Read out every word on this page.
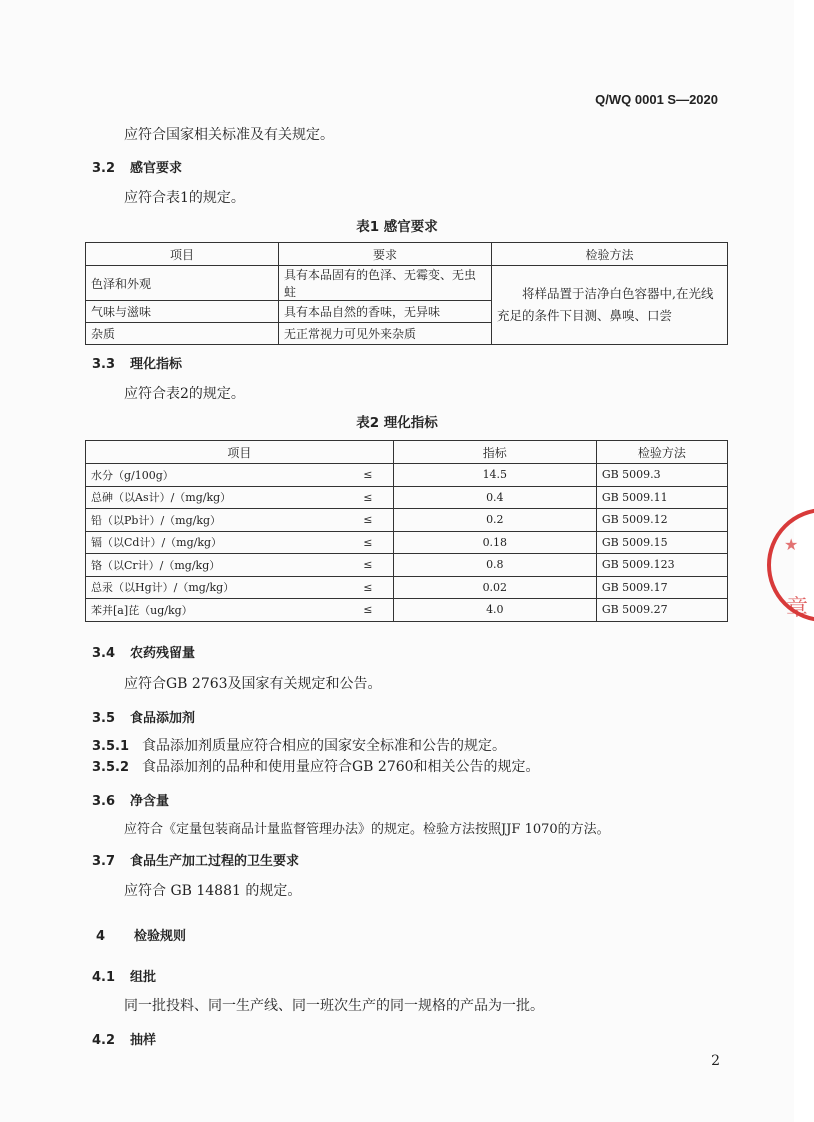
Q/WQ 0001 S—2020
应符合国家相关标准及有关规定。
3.2 感官要求
应符合表1的规定。
表1 感官要求
项目	要求	检验方法
色泽和外观	具有本品固有的色泽、无霉变、无虫蛀	将样品置于洁净白色容器中,在光线充足的条件下目测、鼻嗅、口尝
气味与滋味	具有本品自然的香味，无异味	
杂质	无正常视力可见外来杂质	
3.3 理化指标
应符合表2的规定。
表2 理化指标
项目		指标	检验方法
水分（g/100g）	≤	14.5	GB 5009.3
总砷（以As计）/（mg/kg）	≤	0.4	GB 5009.11
铅（以Pb计）/（mg/kg）	≤	0.2	GB 5009.12
镉（以Cd计）/（mg/kg）	≤	0.18	GB 5009.15
铬（以Cr计）/（mg/kg）	≤	0.8	GB 5009.123
总汞（以Hg计）/（mg/kg）	≤	0.02	GB 5009.17
苯并[a]芘（ug/kg）	≤	4.0	GB 5009.27
3.4 农药残留量
应符合GB 2763及国家有关规定和公告。
3.5 食品添加剂
3.5.1 食品添加剂质量应符合相应的国家安全标准和公告的规定。
3.5.2 食品添加剂的品种和使用量应符合GB 2760和相关公告的规定。
3.6 净含量
应符合《定量包装商品计量监督管理办法》的规定。检验方法按照JJF 1070的方法。
3.7 食品生产加工过程的卫生要求
应符合 GB 14881 的规定。
4 检验规则
4.1 组批
同一批投料、同一生产线、同一班次生产的同一规格的产品为一批。
4.2 抽样
2
章
★
